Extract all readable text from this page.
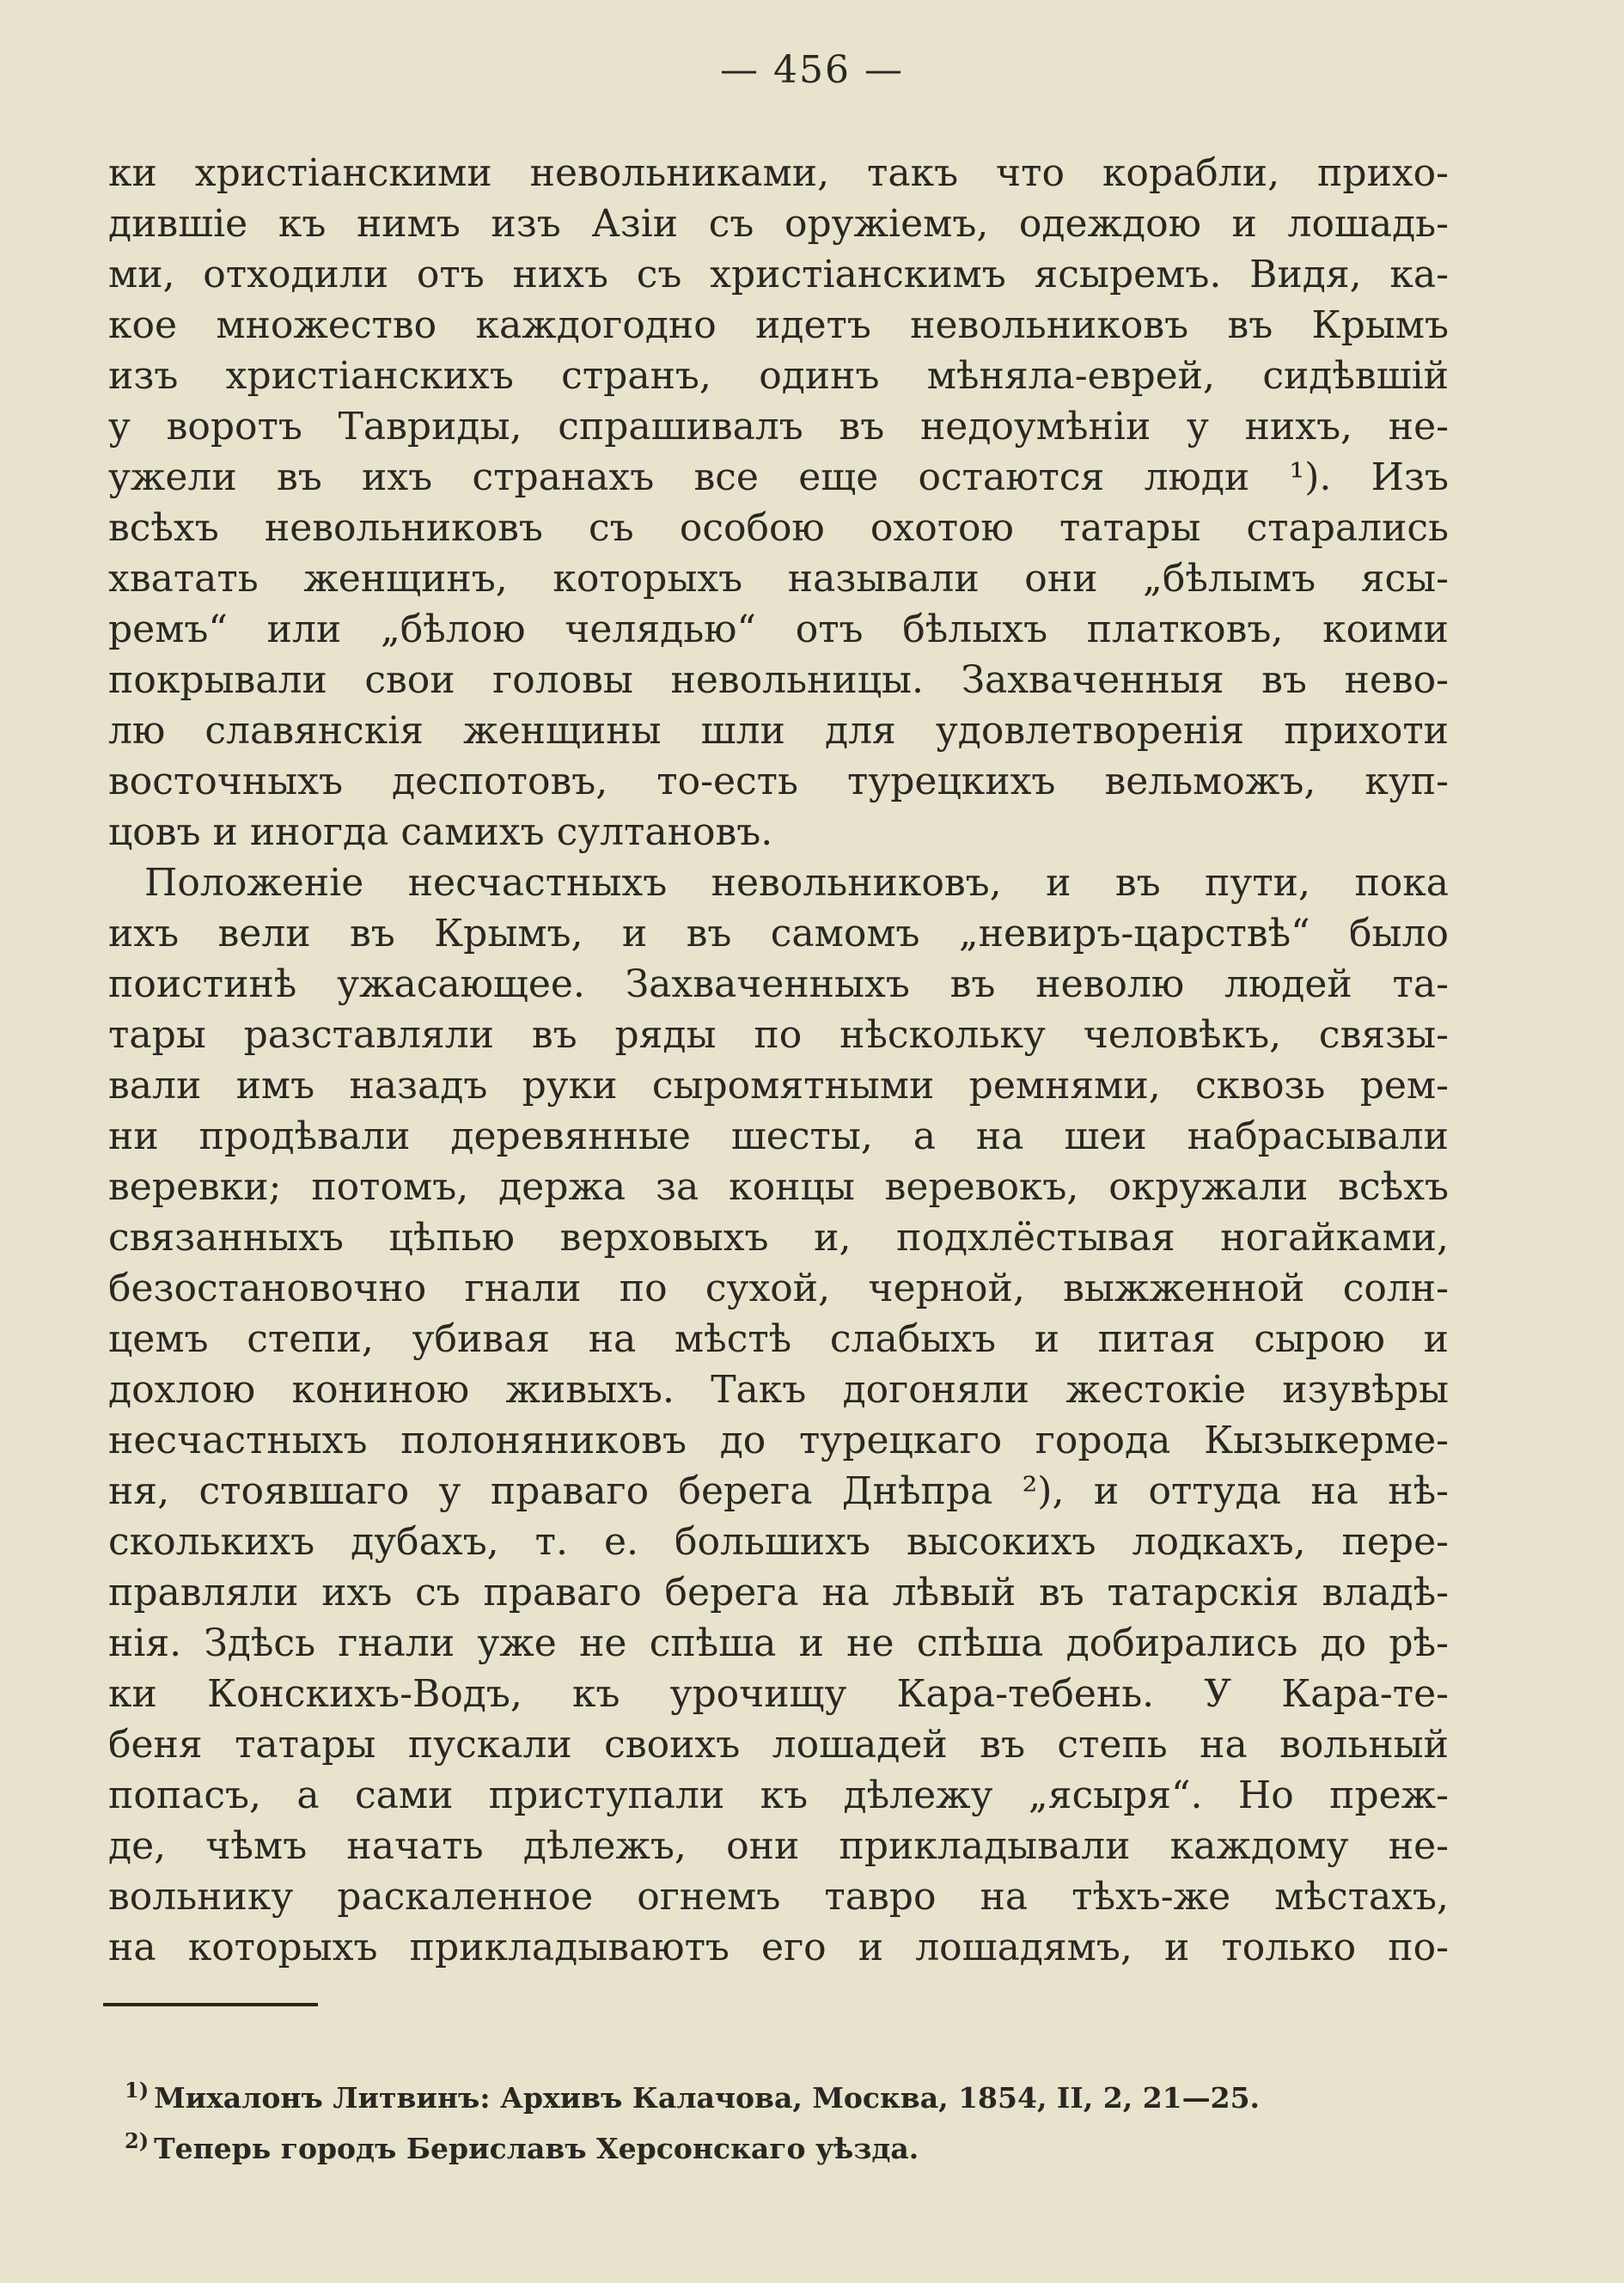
— 456 —
ки христіанскими невольниками, такъ что корабли, прихо-
дившіе къ нимъ изъ Азіи съ оружіемъ, одеждою и лошадь-
ми, отходили отъ нихъ съ христіанскимъ ясыремъ. Видя, ка-
кое множество каждогодно идетъ невольниковъ въ Крымъ
изъ христіанскихъ странъ, одинъ мѣняла-еврей, сидѣвшій
у воротъ Тавриды, спрашивалъ въ недоумѣніи у нихъ, не-
ужели въ ихъ странахъ все еще остаются люди ¹). Изъ
всѣхъ невольниковъ съ особою охотою татары старались
хватать женщинъ, которыхъ называли они „бѣлымъ ясы-
ремъ“ или „бѣлою челядью“ отъ бѣлыхъ платковъ, коими
покрывали свои головы невольницы. Захваченныя въ нево-
лю славянскія женщины шли для удовлетворенія прихоти
восточныхъ деспотовъ, то-есть турецкихъ вельможъ, куп-
цовъ и иногда самихъ султановъ.
Положеніе несчастныхъ невольниковъ, и въ пути, пока
ихъ вели въ Крымъ, и въ самомъ „невиръ-царствѣ“ было
поистинѣ ужасающее. Захваченныхъ въ неволю людей та-
тары разставляли въ ряды по нѣскольку человѣкъ, связы-
вали имъ назадъ руки сыромятными ремнями, сквозь рем-
ни продѣвали деревянные шесты, а на шеи набрасывали
веревки; потомъ, держа за концы веревокъ, окружали всѣхъ
связанныхъ цѣпью верховыхъ и, подхлёстывая ногайками,
безостановочно гнали по сухой, черной, выжженной солн-
цемъ степи, убивая на мѣстѣ слабыхъ и питая сырою и
дохлою кониною живыхъ. Такъ догоняли жестокіе изувѣры
несчастныхъ полоняниковъ до турецкаго города Кызыкерме-
ня, стоявшаго у праваго берега Днѣпра ²), и оттуда на нѣ-
сколькихъ дубахъ, т. е. большихъ высокихъ лодкахъ, пере-
правляли ихъ съ праваго берега на лѣвый въ татарскія владѣ-
нія. Здѣсь гнали уже не спѣша и не спѣша добирались до рѣ-
ки Конскихъ-Водъ, къ урочищу Кара-тебень. У Кара-те-
беня татары пускали своихъ лошадей въ степь на вольный
попасъ, а сами приступали къ дѣлежу „ясыря“. Но преж-
де, чѣмъ начать дѣлежъ, они прикладывали каждому не-
вольнику раскаленное огнемъ тавро на тѣхъ-же мѣстахъ,
на которыхъ прикладываютъ его и лошадямъ, и только по-
$^{1)}$ Михалонъ Литвинъ: Архивъ Калачова, Москва, 1854, II, 2, 21—25.
$^{2)}$ Теперь городъ Бериславъ Херсонскаго уѣзда.
